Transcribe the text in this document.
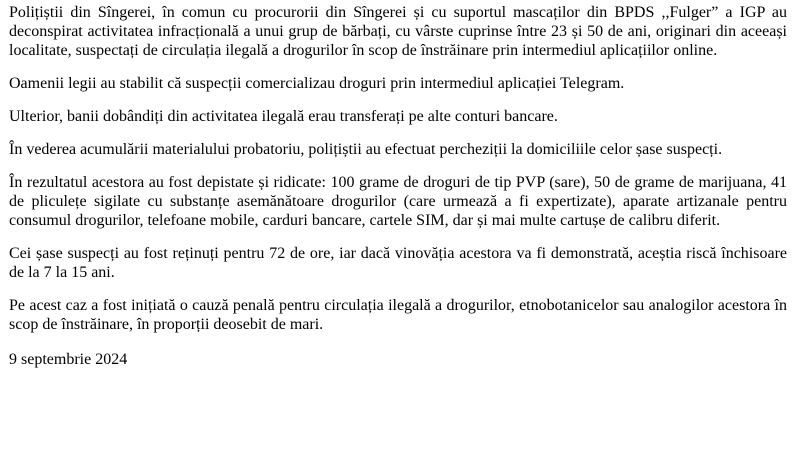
Polițiștii din Sîngerei, în comun cu procurorii din Sîngerei și cu suportul mascaților din BPDS ,,Fulger” a IGP au deconspirat activitatea infracțională a unui grup de bărbați, cu vârste cuprinse între 23 și 50 de ani, originari din aceeași localitate, suspectați de circulația ilegală a drogurilor în scop de înstrăinare prin intermediul aplicațiilor online.

Oamenii legii au stabilit că suspecții comercializau droguri prin intermediul aplicației Telegram.

Ulterior, banii dobândiți din activitatea ilegală erau transferați pe alte conturi bancare.

În vederea acumulării materialului probatoriu, polițiștii au efectuat percheziții la domiciliile celor șase suspecți.

În rezultatul acestora au fost depistate și ridicate: 100 grame de droguri de tip PVP (sare), 50 de grame de marijuana, 41 de pliculețe sigilate cu substanțe asemănătoare drogurilor (care urmează a fi expertizate), aparate artizanale pentru consumul drogurilor, telefoane mobile, carduri bancare, cartele SIM, dar și mai multe cartușe de calibru diferit.

Cei șase suspecți au fost reținuți pentru 72 de ore, iar dacă vinovăția acestora va fi demonstrată, aceștia riscă închisoare de la 7 la 15 ani.

Pe acest caz a fost inițiată o cauză penală pentru circulația ilegală a drogurilor, etnobotanicelor sau analogilor acestora în scop de înstrăinare, în proporții deosebit de mari.

9 septembrie 2024
